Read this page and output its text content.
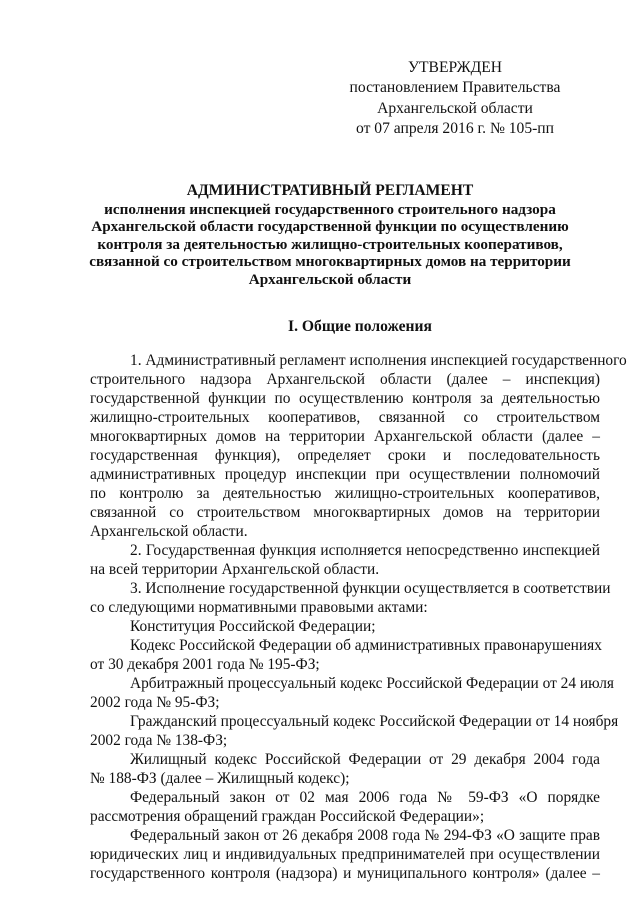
УТВЕРЖДЕН
постановлением Правительства
Архангельской области
от 07 апреля 2016 г. № 105-пп
АДМИНИСТРАТИВНЫЙ РЕГЛАМЕНТ
исполнения инспекцией государственного строительного надзора
Архангельской области государственной функции по осуществлению
контроля за деятельностью жилищно-строительных кооперативов,
связанной со строительством многоквартирных домов на территории
Архангельской области
I. Общие положения
1. Административный регламент исполнения инспекцией государственного
строительного надзора Архангельской области (далее – инспекция)
государственной функции по осуществлению контроля за деятельностью
жилищно-строительных кооперативов, связанной со строительством
многоквартирных домов на территории Архангельской области (далее –
государственная функция), определяет сроки и последовательность
административных процедур инспекции при осуществлении полномочий
по контролю за деятельностью жилищно-строительных кооперативов,
связанной со строительством многоквартирных домов на территории
Архангельской области.
2. Государственная функция исполняется непосредственно инспекцией
на всей территории Архангельской области.
3. Исполнение государственной функции осуществляется в соответствии
со следующими нормативными правовыми актами:
Конституция Российской Федерации;
Кодекс Российской Федерации об административных правонарушениях
от 30 декабря 2001 года № 195-ФЗ;
Арбитражный процессуальный кодекс Российской Федерации от 24 июля
2002 года № 95-ФЗ;
Гражданский процессуальный кодекс Российской Федерации от 14 ноября
2002 года № 138-ФЗ;
Жилищный кодекс Российской Федерации от 29 декабря 2004 года
№ 188-ФЗ (далее – Жилищный кодекс);
Федеральный закон от 02 мая 2006 года № 59-ФЗ «О порядке
рассмотрения обращений граждан Российской Федерации»;
Федеральный закон от 26 декабря 2008 года № 294-ФЗ «О защите прав
юридических лиц и индивидуальных предпринимателей при осуществлении
государственного контроля (надзора) и муниципального контроля» (далее –
